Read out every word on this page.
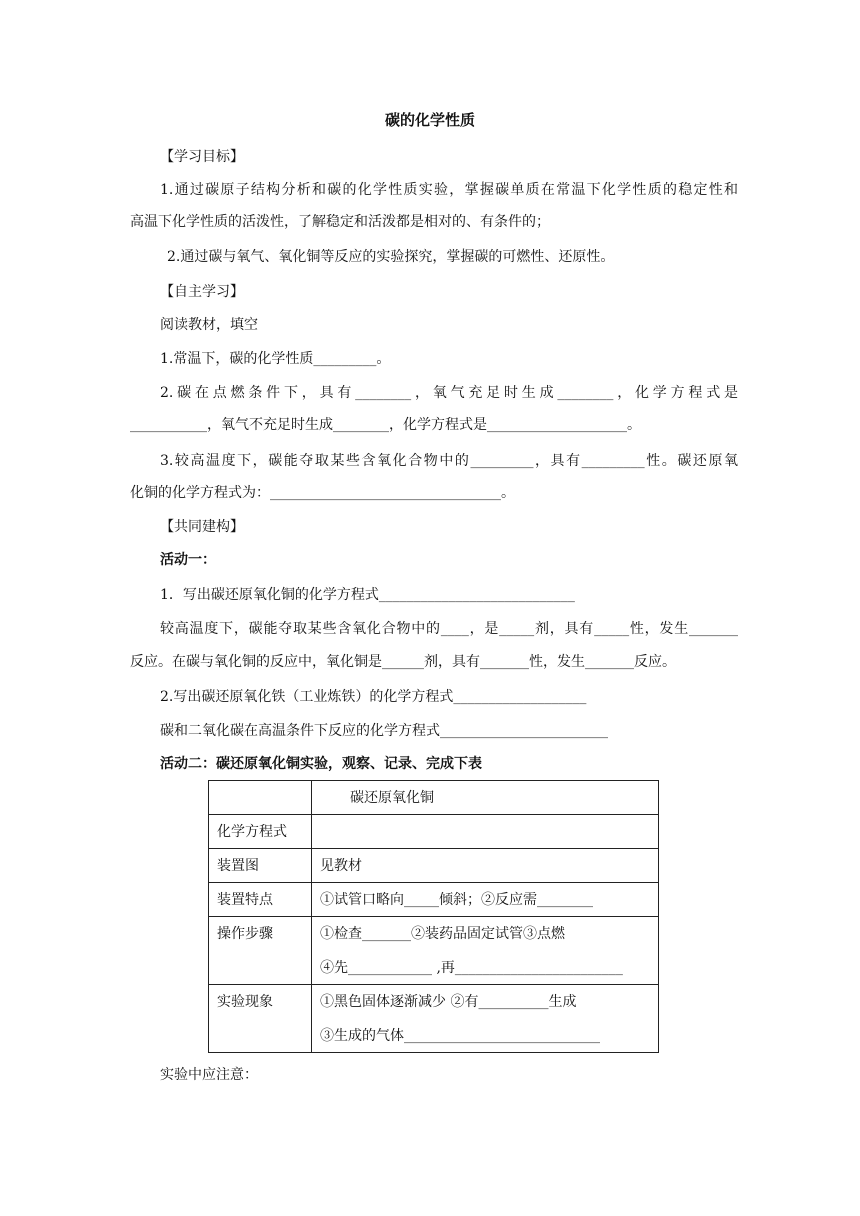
碳的化学性质

【学习目标】

1.通过碳原子结构分析和碳的化学性质实验，掌握碳单质在常温下化学性质的稳定性和

高温下化学性质的活泼性，了解稳定和活泼都是相对的、有条件的；

2.通过碳与氧气、氧化铜等反应的实验探究，掌握碳的可燃性、还原性。

【自主学习】

阅读教材，填空

1.常温下，碳的化学性质_________。

2.碳在点燃条件下，具有________，氧气充足时生成________，化学方程式是

___________，氧气不充足时生成________，化学方程式是____________________。

3.较高温度下，碳能夺取某些含氧化合物中的_________，具有_________性。碳还原氧

化铜的化学方程式为：_________________________________。

【共同建构】

活动一：

1．写出碳还原氧化铜的化学方程式____________________________

较高温度下，碳能夺取某些含氧化合物中的____，是_____剂，具有_____性，发生_______

反应。在碳与氧化铜的反应中，氧化铜是______剂，具有_______性，发生_______反应。

2.写出碳还原氧化铁（工业炼铁）的化学方程式___________________

碳和二氧化碳在高温条件下反应的化学方程式________________________

活动二：碳还原氧化铜实验，观察、记录、完成下表

	碳还原氧化铜
化学方程式	
装置图	见教材
装置特点	①试管口略向_____倾斜；②反应需________
操作步骤	①检查_______②装药品固定试管③点燃
④先____________ ,再________________________

实验现象	①黑色固体逐渐减少 ②有__________生成
③生成的气体____________________________

实验中应注意：
